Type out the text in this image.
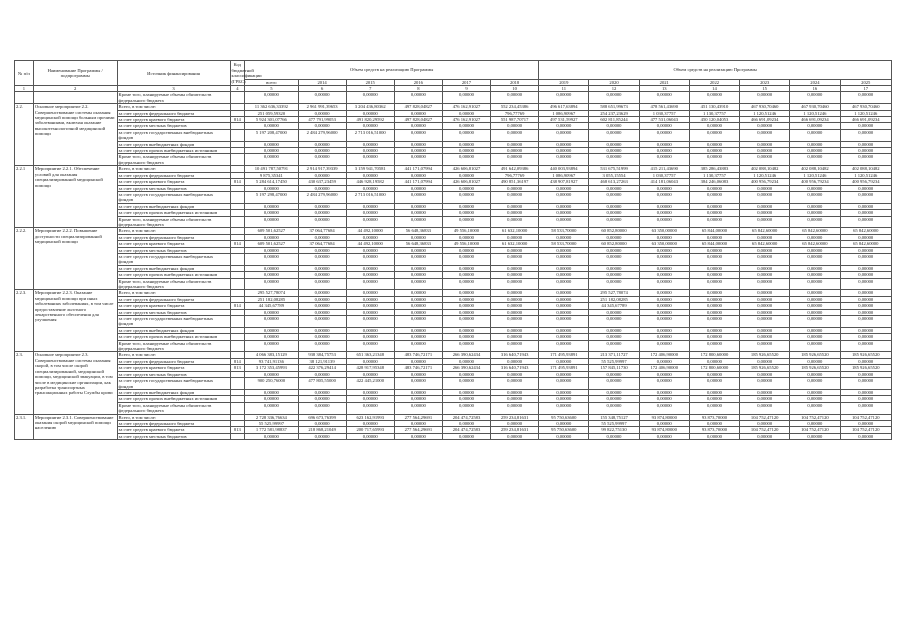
№ п/п	Наименование Программы / подпрограммы	Источник финансирования	Код бюджетной классификации (ГРБС)	Объем средств на реализацию Программы						Объем средств на реализацию Программы						
				всего	2014	2015	2016	2017	2018	2019	2020	2021	2022	2023	2024	2025
1	2	3	4	5	6	7	8	9	10	11	12	13	14	15	16	17
		Кроме того, планируемые объемы обязательств федерального бюджета		0,00000	0,00000	0,00000	0,00000	0,00000	0,00000	0,00000	0,00000	0,00000	0,00000	0,00000	0,00000	0,00000
2.2.	Основное мероприятие 2.2. Совершенствование системы оказания медицинской помощи больным прочими заболеваниями, включая оказание высокотехнологичной медицинской помощи	Всего, в том числе:		11 362 636,33392	2 961 991,39653	3 204 436,80362	497 828,04827	476 162,91027	552 234,45386	496 617,63894	588 651,99673	478 561,43690	451 130,43910	467 930,70460	467 930,70460	467 930,70460
		за счет средств федерального бюджета		251 059,59320	0,00000	0,00000	0,00000	0,00000	796,77769	1 086,90967	254 237,23629	1 030,37757	1 130,37757	1 120,51246	1 120,51246	1 120,51246
		за счет средств краевого бюджета	814	5 924 301,07766	477 791,99053	491 820,29592	497 828,04827	476 162,91027	551 987,70717	497 531,59927	602 811,85244	477 531,06043	450 120,04053	466 691,09234	466 691,09234	466 691,09234
		за счет средств местных бюджетов		0,00000	0,00000	0,00000	0,00000	0,00000	0,00000	0,00000	0,00000	0,00000	0,00000	0,00000	0,00000	0,00000
		за счет средств государственных внебюджетных фондов		5 197 208,47000	2 484 279,96000	2 713 016,51000	0,00000	0,00000	0,00000	0,00000	0,00000	0,00000	0,00000	0,00000	0,00000	0,00000
		за счет средств внебюджетных фондов		0,00000	0,00000	0,00000	0,00000	0,00000	0,00000	0,00000	0,00000	0,00000	0,00000	0,00000	0,00000	0,00000
		за счет средств прочих внебюджетных источников		0,00000	0,00000	0,00000	0,00000	0,00000	0,00000	0,00000	0,00000	0,00000	0,00000	0,00000	0,00000	0,00000
		Кроме того, планируемые объемы обязательств федерального бюджета		0,00000	0,00000	0,00000	0,00000	0,00000	0,00000	0,00000	0,00000	0,00000	0,00000	0,00000	0,00000	0,00000
2.2.1	Мероприятие 2.2.1. Обеспечение условий для оказания специализированной медицинской помощи	Всего, в том числе:		10 491 787,50791	2 914 917,39339	3 159 941,70581	441 171,07994	426 606,81027	491 642,09386	440 003,93894	531 675,51999	415 211,43690	385 286,43883	402 088,10482	402 088,10482	402 088,10482
		за счет средств федерального бюджета		9 875,35341	0,00000	0,00000	0,00000	0,00000	796,77769	1 086,90967	3 055,15554	1 030,37757	1 130,37757	1 120,51246	1 120,51246	1 120,51246
		за счет средств краевого бюджета	814	5 284 614,17450	430 637,23459	446 928,19582	441 171,07994	426 606,81027	490 851,36197	438 907,81927	468 613,27263	414 181,06043	384 246,06083	400 956,79234	400 956,79234	400 956,79234
		за счет средств местных бюджетов		0,00000	0,00000	0,00000	0,00000	0,00000	0,00000	0,00000	0,00000	0,00000	0,00000	0,00000	0,00000	0,00000
		за счет средств государственных внебюджетных фондов		5 197 298,47000	2 484 279,96000	2 713 016,51000	0,00000	0,00000	0,00000	0,00000	0,00000	0,00000	0,00000	0,00000	0,00000	0,00000
		за счет средств внебюджетных фондов		0,00000	0,00000	0,00000	0,00000	0,00000	0,00000	0,00000	0,00000	0,00000	0,00000	0,00000	0,00000	0,00000
		за счет средств прочих внебюджетных источников		0,00000	0,00000	0,00000	0,00000	0,00000	0,00000	0,00000	0,00000	0,00000	0,00000	0,00000	0,00000	0,00000
		Кроме того, планируемые объемы обязательств федерального бюджета		0,00000	0,00000	0,00000	0,00000	0,00000	0,00000	0,00000	0,00000	0,00000	0,00000	0,00000	0,00000	0,00000
2.2.2.	Мероприятие 2.2.2. Повышение доступности специализированной медицинской помощи	Всего, в том числе:		609 501,62527	37 064,77684	44 492,10000	56 648,36833	49 556,10000	61 632,10000	58 533,70000	60 852,80000	63 350,00000	65 844,00000	65 842,60000	65 842,60000	65 842,60000
		за счет средств федерального бюджета		0,00000	0,00000	0,00000	0,00000	0,00000	0,00000	0,00000	0,00000	0,00000	0,00000	0,00000	0,00000	0,00000
		за счет средств краевого бюджета	814	609 501,62527	37 064,77684	44 492,10000	56 648,36833	49 556,10000	61 632,10000	58 533,70000	60 852,80000	63 350,00000	65 844,00000	65 842,60000	65 842,60000	65 842,60000
		за счет средств местных бюджетов		0,00000	0,00000	0,00000	0,00000	0,00000	0,00000	0,00000	0,00000	0,00000	0,00000	0,00000	0,00000	0,00000
		за счет средств государственных внебюджетных фондов		0,00000	0,00000	0,00000	0,00000	0,00000	0,00000	0,00000	0,00000	0,00000	0,00000	0,00000	0,00000	0,00000
		за счет средств внебюджетных фондов		0,00000	0,00000	0,00000	0,00000	0,00000	0,00000	0,00000	0,00000	0,00000	0,00000	0,00000	0,00000	0,00000
		за счет средств прочих внебюджетных источников		0,00000	0,00000	0,00000	0,00000	0,00000	0,00000	0,00000	0,00000	0,00000	0,00000	0,00000	0,00000	0,00000
		Кроме того, планируемые объемы обязательств федерального бюджета		0,00000	0,00000	0,00000	0,00000	0,00000	0,00000	0,00000	0,00000	0,00000	0,00000	0,00000	0,00000	0,00000
2.2.3.	Мероприятие 2.2.3. Оказание медицинской помощи при иных заболеваниях заболеваниях, в том числе предоставление льготного лекарственного обеспечения для улучшения	Всего, в том числе:		295 527,78074	0,00000	0,00000	0,00000	0,00000	0,00000	0,00000	295 527,78074	0,00000	0,00000	0,00000	0,00000	0,00000
		за счет средств федерального бюджета		251 182,08285	0,00000	0,00000	0,00000	0,00000	0,00000	0,00000	251 182,08285	0,00000	0,00000	0,00000	0,00000	0,00000
		за счет средств краевого бюджета	814	44 345,67789	0,00000	0,00000	0,00000	0,00000	0,00000	0,00000	44 345,67789	0,00000	0,00000	0,00000	0,00000	0,00000
		за счет средств местных бюджетов		0,00000	0,00000	0,00000	0,00000	0,00000	0,00000	0,00000	0,00000	0,00000	0,00000	0,00000	0,00000	0,00000
		за счет средств государственных внебюджетных фондов		0,00000	0,00000	0,00000	0,00000	0,00000	0,00000	0,00000	0,00000	0,00000	0,00000	0,00000	0,00000	0,00000
		за счет средств внебюджетных фондов		0,00000	0,00000	0,00000	0,00000	0,00000	0,00000	0,00000	0,00000	0,00000	0,00000	0,00000	0,00000	0,00000
		за счет средств прочих внебюджетных источников		0,00000	0,00000	0,00000	0,00000	0,00000	0,00000	0,00000	0,00000	0,00000	0,00000	0,00000	0,00000	0,00000
		Кроме того, планируемые объемы обязательств федерального бюджета		0,00000	0,00000	0,00000	0,00000	0,00000	0,00000	0,00000	0,00000	0,00000	0,00000	0,00000	0,00000	0,00000
2.3.	Основное мероприятие 2.3. Совершенствование системы оказания скорой, в том числе скорой специализированной, медицинской помощи, медицинской эвакуации, в том числе в медицинские организации, как разработка транспортных трансакционных работы Службы крови	Всего, в том числе:		4 066 383,15129	938 384,75753	651 363,21348	483 746,72171	266 390,62434	316 640,71943	171 495,93891	213 371,11727	172 406,90000	172 800,60000	185 926,65520	185 926,65520	185 926,65520
		за счет средств федерального бюджета	814	93 741,91136	38 121,91139	0,00000	0,00000	0,00000	0,00000	0,00000	55 525,99997	0,00000	0,00000	0,00000	0,00000	0,00000
		за счет средств краевого бюджета	813	3 172 353,45993	422 376,29414	428 917,95348	483 746,72171	266 390,62434	316 640,71943	171 495,93891	157 845,11730	172 406,90000	172 800,60000	185 926,65520	185 926,65520	185 926,65520
		за счет средств местных бюджетов		0,00000	0,00000	0,00000	0,00000	0,00000	0,00000	0,00000	0,00000	0,00000	0,00000	0,00000	0,00000	0,00000
		за счет средств государственных внебюджетных фондов		900 250,76000	477 805,55000	422 445,21000	0,00000	0,00000	0,00000	0,00000	0,00000	0,00000	0,00000	0,00000	0,00000	0,00000
		за счет средств внебюджетных фондов		0,00000	0,00000	0,00000	0,00000	0,00000	0,00000	0,00000	0,00000	0,00000	0,00000	0,00000	0,00000	0,00000
		за счет средств прочих внебюджетных источников		0,00000	0,00000	0,00000	0,00000	0,00000	0,00000	0,00000	0,00000	0,00000	0,00000	0,00000	0,00000	0,00000
		Кроме того, планируемые объемы обязательств федерального бюджета		0,00000	0,00000	0,00000	0,00000	0,00000	0,00000	0,00000	0,00000	0,00000	0,00000	0,00000	0,00000	0,00000
2.3.1.	Мероприятие 2.3.1. Совершенствование оказания скорой медицинской помощи населению	Всего, в том числе:		2 728 336,76634	696 673,76399	623 162,91993	277 564,29691	204 474,72583	259 234,81631	95 750,63600	155 348,75127	93 874,80000	93 873,70000	104 752,47120	104 752,47120	104 752,47120
		за счет средств федерального бюджета		55 525,99997	0,00000	0,00000	0,00000	0,00000	0,00000	0,00000	55 525,99997	0,00000	0,00000	0,00000	0,00000	0,00000
		за счет средств краевого бюджета	813	1 772 581,98837	218 868,21049	200 717,65993	277 564,29691	204 474,72583	259 234,81631	95 750,63600	99 822,75130	93 874,80000	93 873,70000	104 752,47120	104 752,47120	104 752,47120
		за счет средств местных бюджетов		0,00000	0,00000	0,00000	0,00000	0,00000	0,00000	0,00000	0,00000	0,00000	0,00000	0,00000	0,00000	0,00000
